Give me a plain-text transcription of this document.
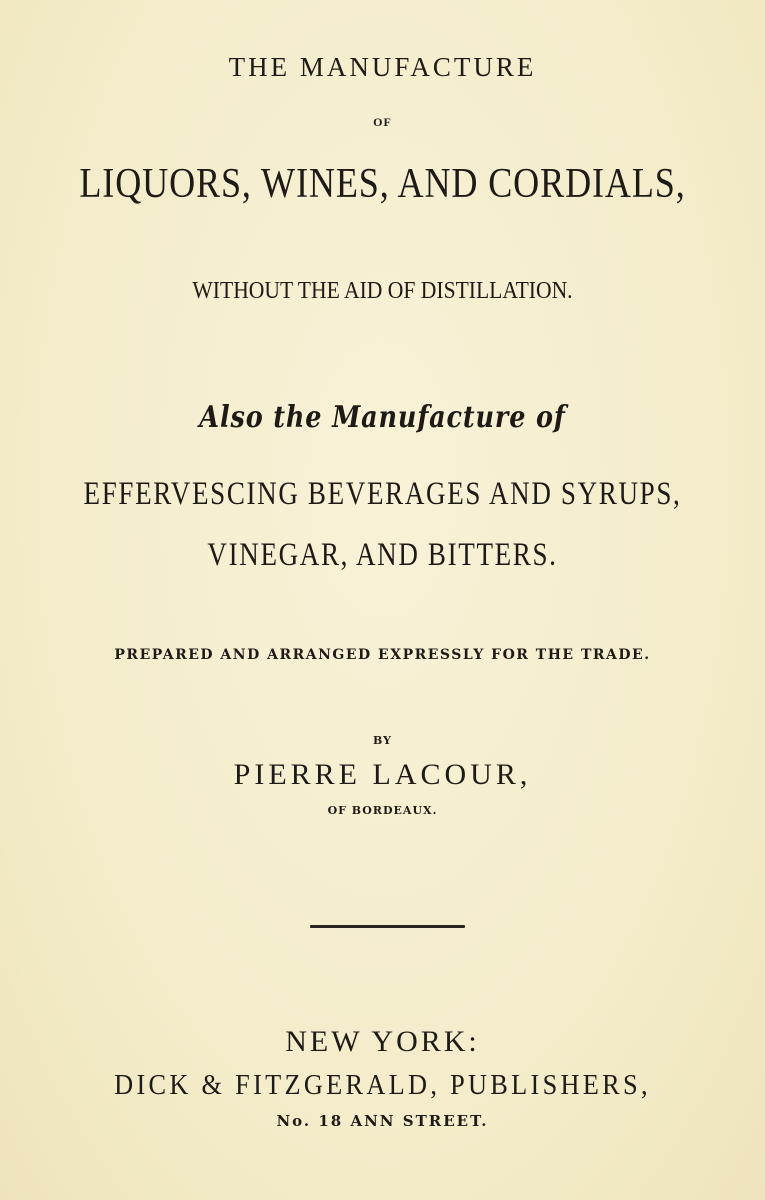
THE MANUFACTURE
OF
LIQUORS, WINES, AND CORDIALS,
WITHOUT THE AID OF DISTILLATION.
Also the Manufacture of
EFFERVESCING BEVERAGES AND SYRUPS,
VINEGAR, AND BITTERS.
PREPARED AND ARRANGED EXPRESSLY FOR THE TRADE.
BY
PIERRE LACOUR,
OF BORDEAUX.
NEW YORK:
DICK & FITZGERALD, PUBLISHERS,
No. 18 ANN STREET.
